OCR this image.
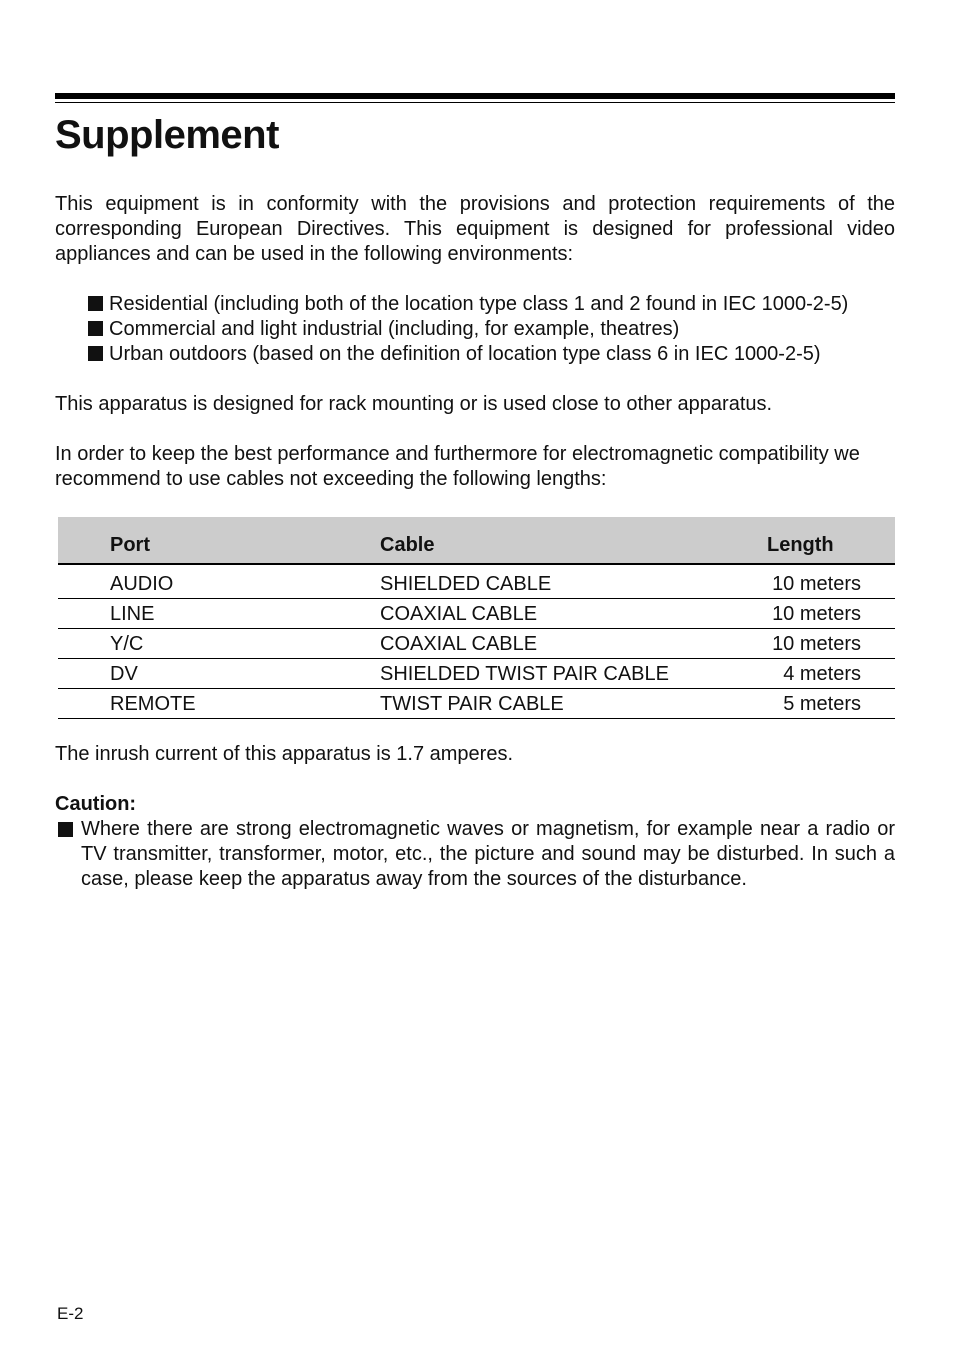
Supplement

This equipment is in conformity with the provisions and protection requirements of the corresponding European Directives. This equipment is designed for professional video appliances and can be used in the following environments:

Residential (including both of the location type class 1 and 2 found in IEC 1000-2-5)
Commercial and light industrial (including, for example, theatres)
Urban outdoors (based on the definition of location type class 6 in IEC 1000-2-5)

This apparatus is designed for rack mounting or is used close to other apparatus.

In order to keep the best performance and furthermore for electromagnetic compatibility we recommend to use cables not exceeding the following lengths:

Port	Cable	Length
AUDIO	SHIELDED CABLE	10 meters
LINE	COAXIAL CABLE	10 meters
Y/C	COAXIAL CABLE	10 meters
DV	SHIELDED TWIST PAIR CABLE	4 meters
REMOTE	TWIST PAIR CABLE	5 meters

The inrush current of this apparatus is 1.7 amperes.

Caution:

Where there are strong electromagnetic waves or magnetism, for example near a radio or TV transmitter, transformer, motor, etc., the picture and sound may be disturbed. In such a case, please keep the apparatus away from the sources of the disturbance.
E-2
